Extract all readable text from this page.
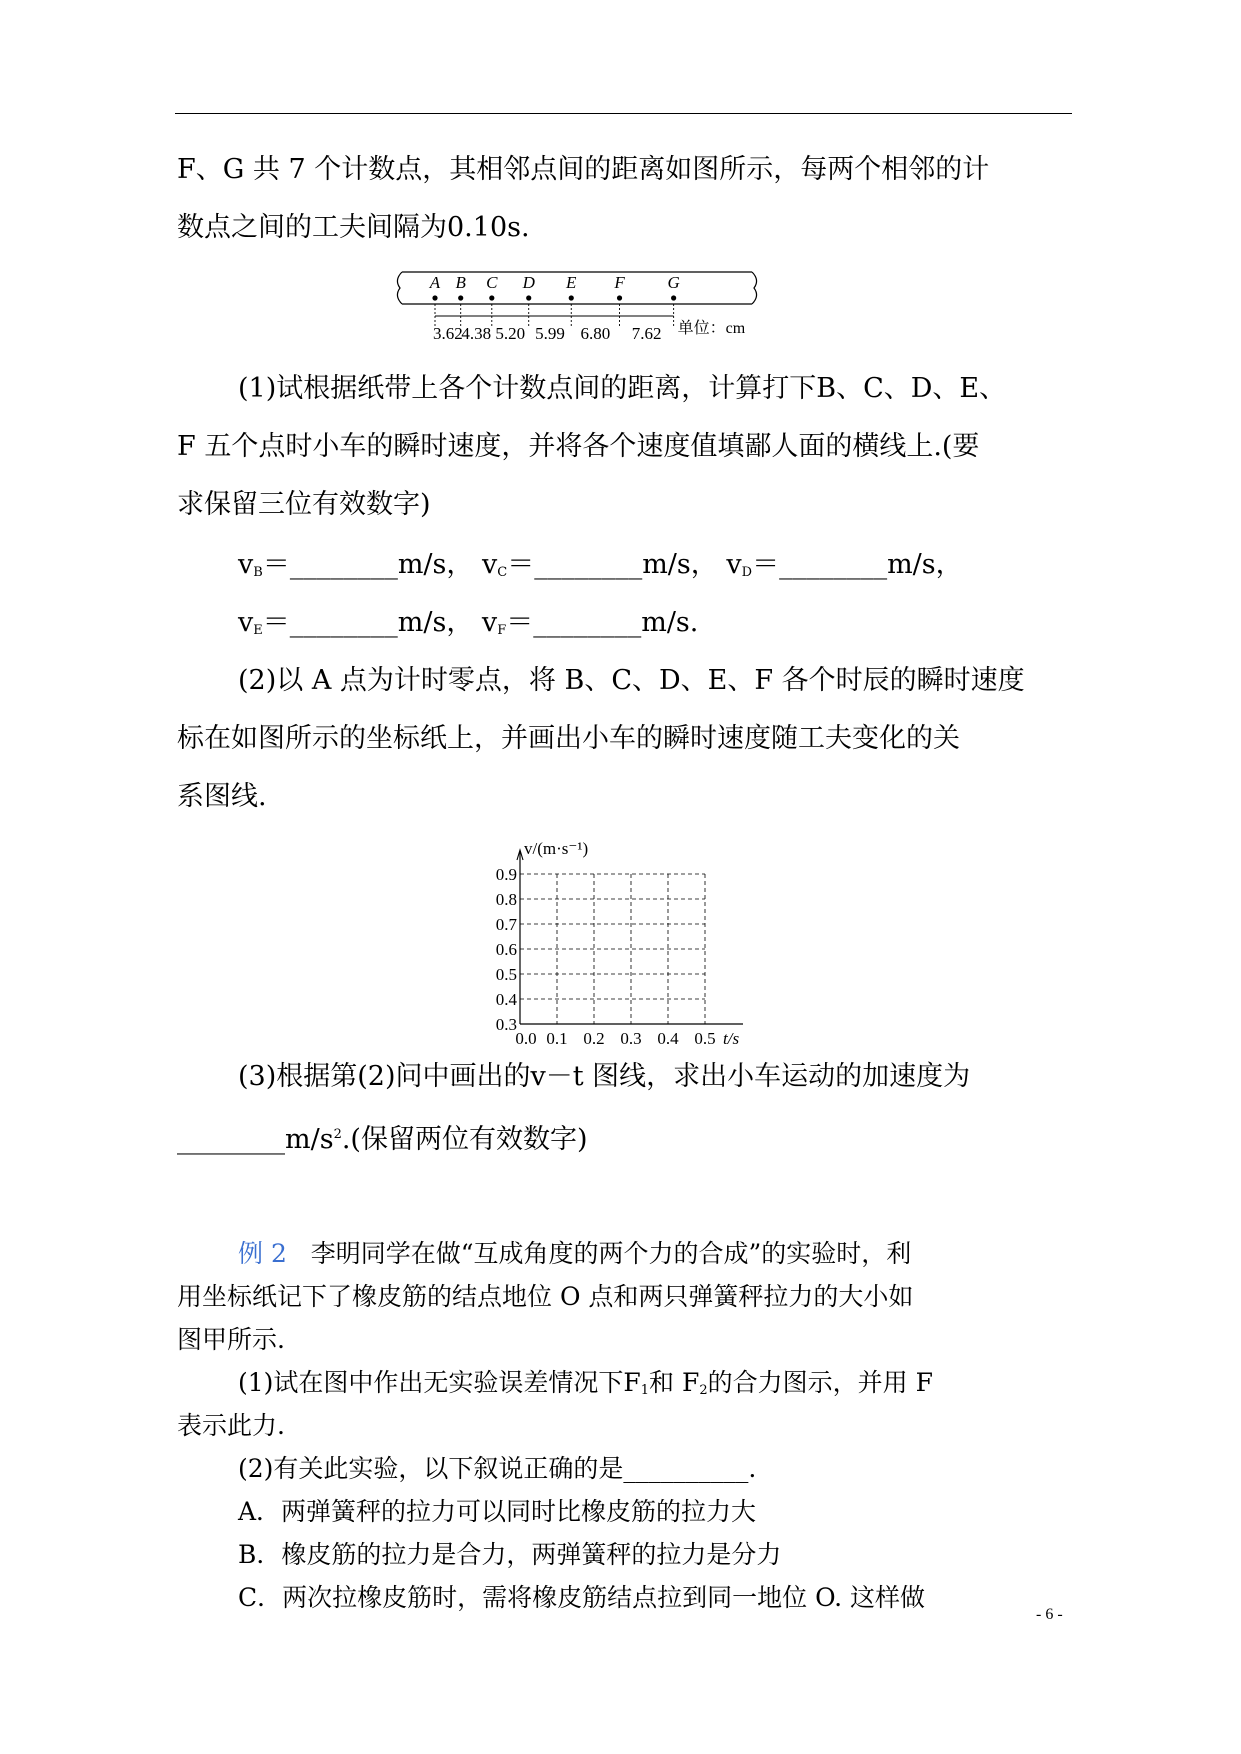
F、G 共 7 个计数点，其相邻点间的距离如图所示，每两个相邻的计
数点之间的工夫间隔为0.10s.
A B C D E F	G
3.62
4.38 5.20 5.99 6.80 7.62 单位：cm
(1)试根据纸带上各个计数点间的距离，计算打下B、C、D、E、
F 五个点时小车的瞬时速度，并将各个速度值填鄙人面的横线上.(要
求保留三位有效数字)
$v_B=\_\_\_\_\_\_\_\_m/s$， $v_C=\_\_\_\_\_\_\_\_m/s$， $v_D=\_\_\_\_\_\_\_\_m/s$，
$v_E=\_\_\_\_\_\_\_\_m/s$， $v_F=\_\_\_\_\_\_\_\_m/s$.
(2)以 A 点为计时零点，将 B、C、D、E、F 各个时辰的瞬时速度
标在如图所示的坐标纸上，并画出小车的瞬时速度随工夫变化的关
系图线.
0.3
0.4
0.5
0.6
0.7
0.8
0.9
0.0 0.1 0.2 0.3 0.4 0.5 t/s
v/(m·s⁻¹)
(3)根据第(2)问中画出的v－t 图线，求出小车运动的加速度为
$\_\_\_\_\_\_\_\_m/s^2$.(保留两位有效数字)
例 2 李明同学在做“互成角度的两个力的合成”的实验时，利
用坐标纸记下了橡皮筋的结点地位 O 点和两只弹簧秤拉力的大小如
图甲所示.
(1)试在图中作出无实验误差情况下$F_1$和 $F_2$的合力图示，并用 F
表示此力.
(2)有关此实验，以下叙说正确的是__________.
A．两弹簧秤的拉力可以同时比橡皮筋的拉力大
B．橡皮筋的拉力是合力，两弹簧秤的拉力是分力
C．两次拉橡皮筋时，需将橡皮筋结点拉到同一地位 O. 这样做
- 6 -
